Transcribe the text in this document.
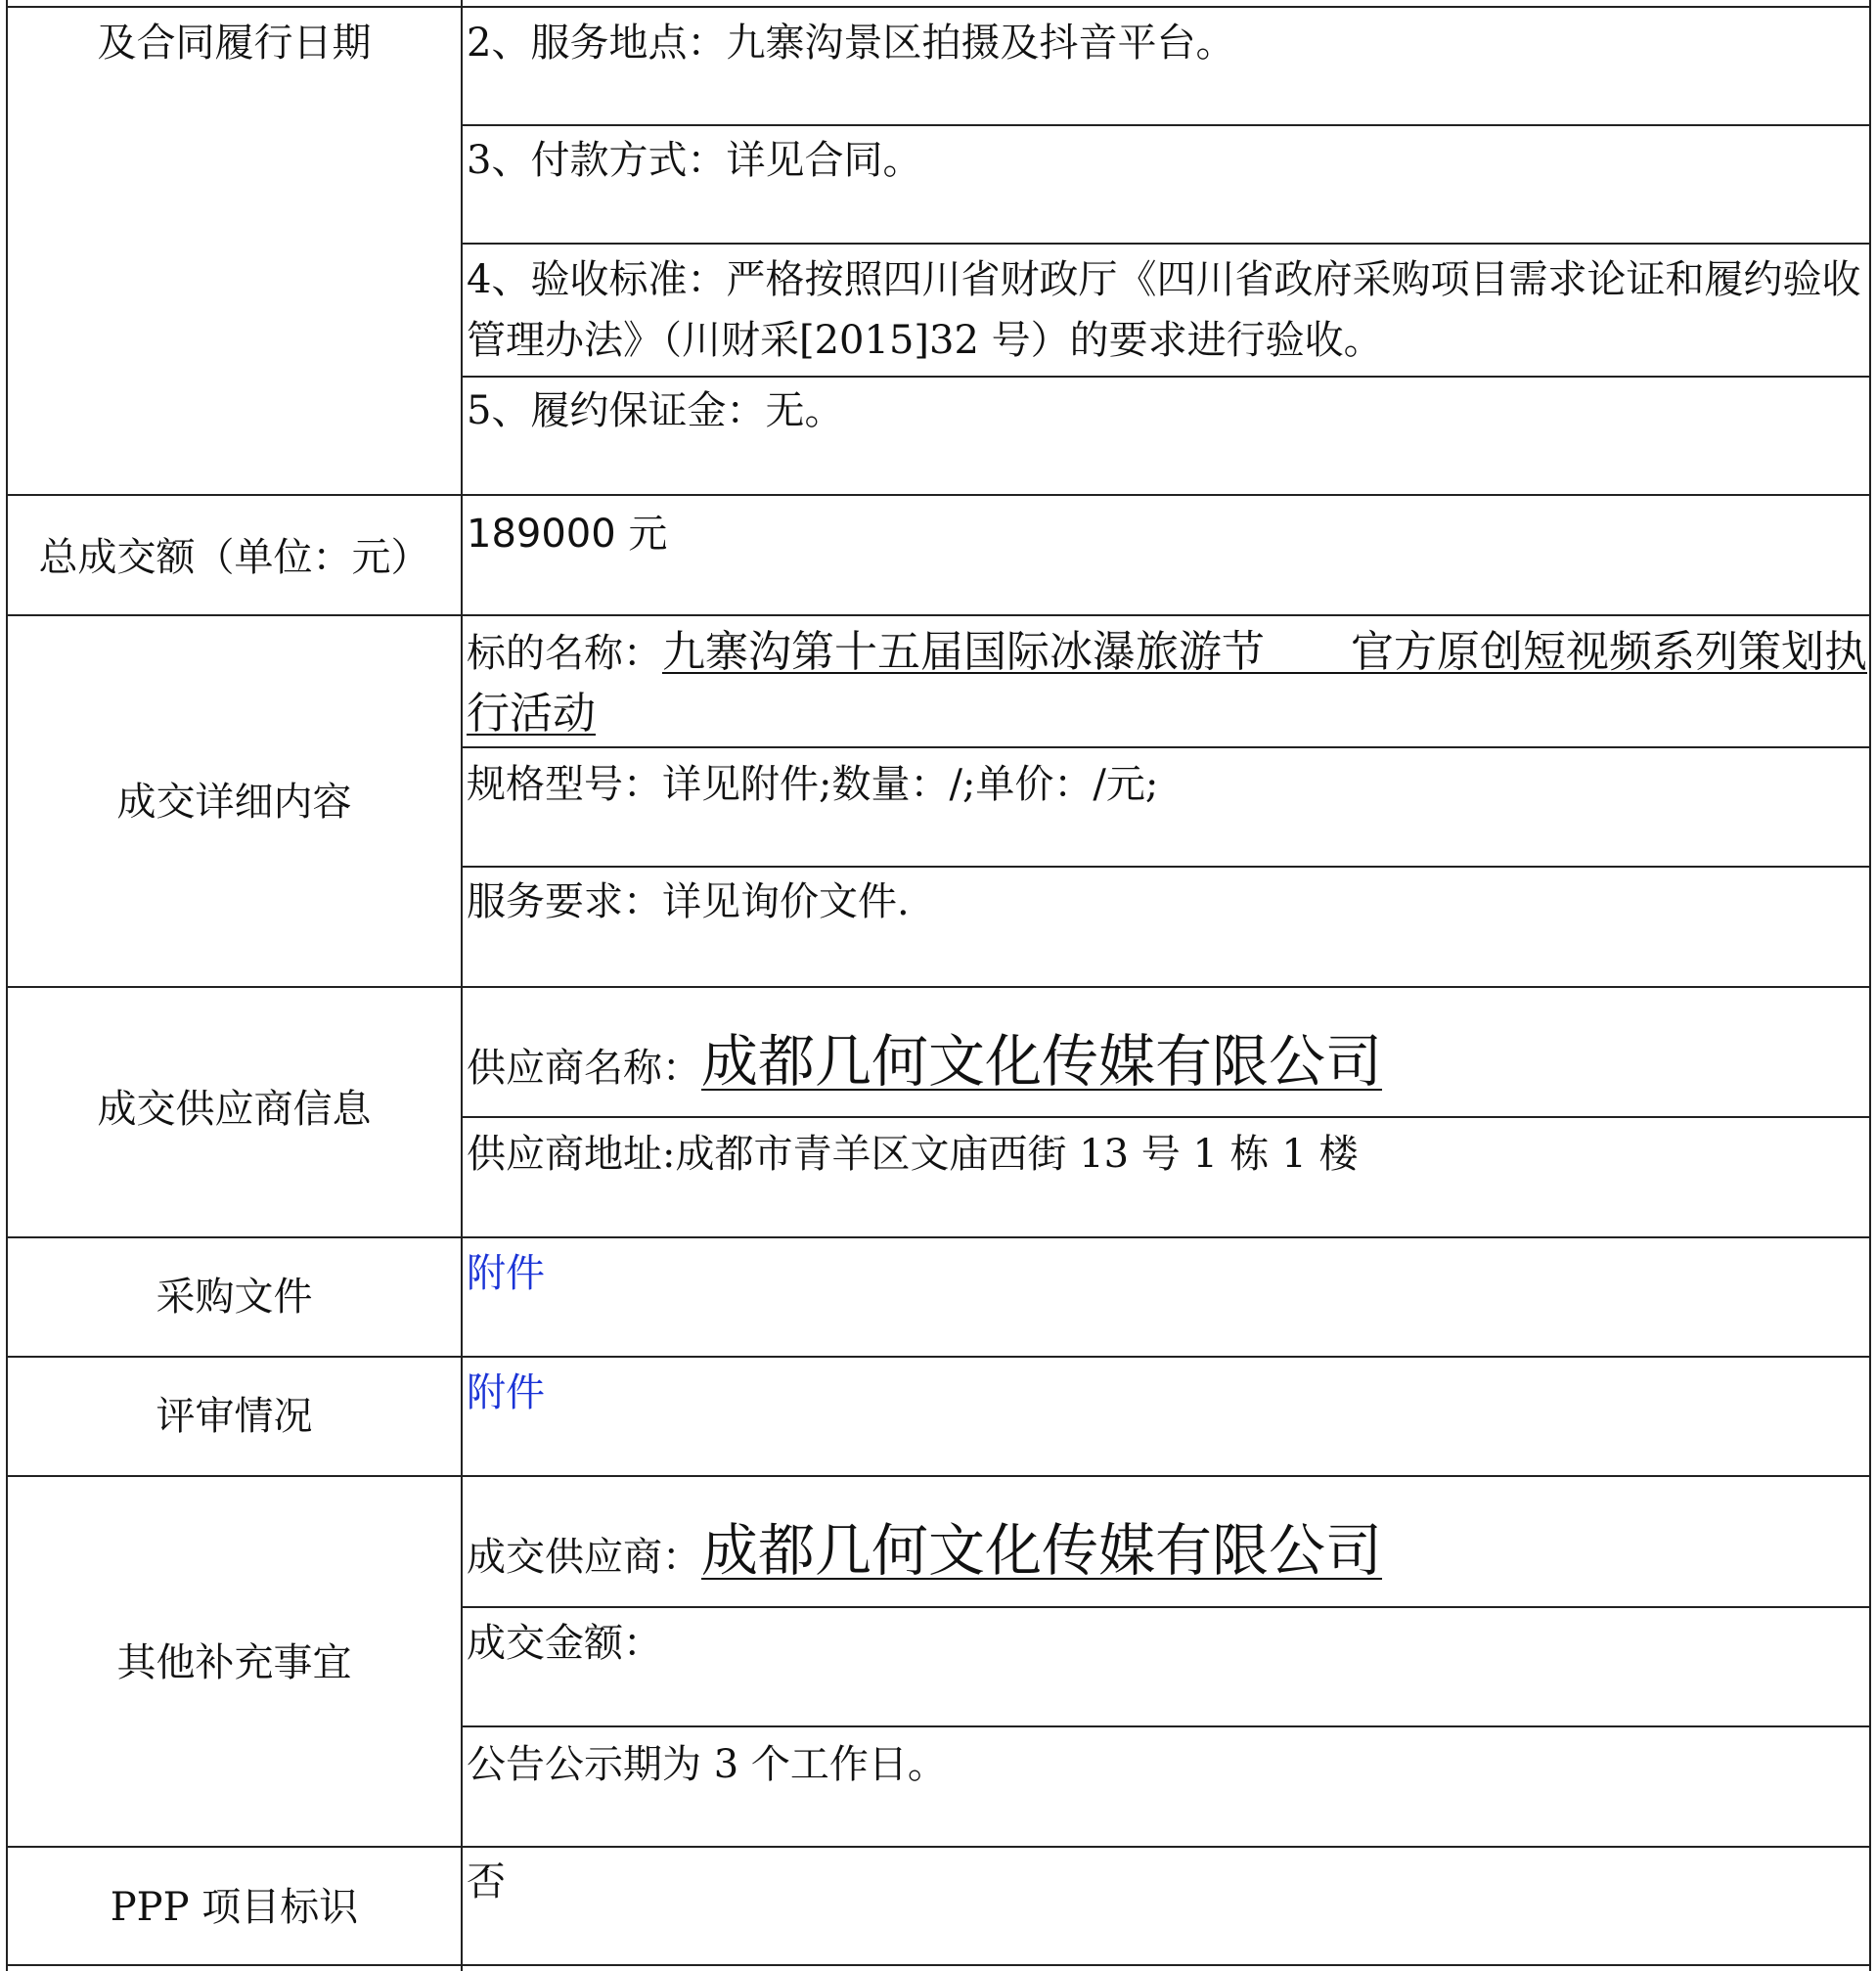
及合同履行日期	2、服务地点：九寨沟景区拍摄及抖音平台。
3、付款方式：详见合同。
4、验收标准：严格按照四川省财政厅《四川省政府采购项目需求论证和履约验收管理办法》（川财采[2015]32 号）的要求进行验收。
5、履约保证金：无。
总成交额（单位：元）
189000 元
成交详细内容
标的名称：九寨沟第十五届国际冰瀑旅游节　　官方原创短视频系列策划执行活动
规格型号：详见附件;数量：/;单价：/元;
服务要求：详见询价文件.
成交供应商信息
供应商名称：成都几何文化传媒有限公司
供应商地址:成都市青羊区文庙西街 13 号 1 栋 1 楼
采购文件
附件
评审情况
附件
其他补充事宜
成交供应商：成都几何文化传媒有限公司
成交金额：
公告公示期为 3 个工作日。
PPP 项目标识
否
